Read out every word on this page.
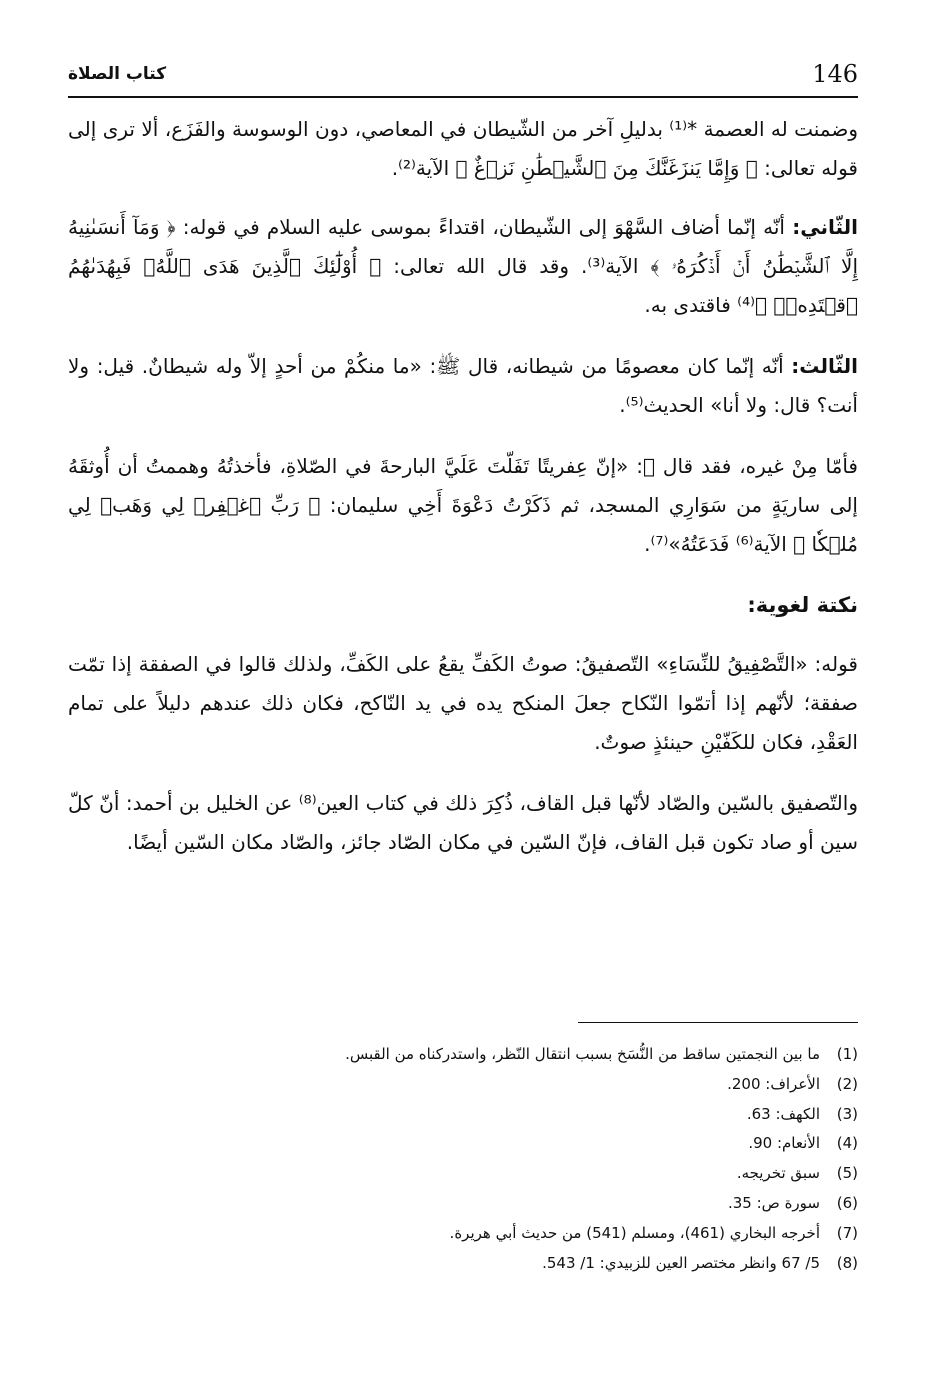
146
كتاب الصلاة

وضمنت له العصمة *⁽¹⁾ بدليلِ آخر من الشّيطان في المعاصي، دون الوسوسة والفَزَع، ألا ترى إلى قوله تعالى: ﴿ وَإِمَّا يَنزَغَنَّكَ مِنَ ٱلشَّيۡطَٰنِ نَزۡغٌ ﴾ الآية⁽²⁾.

الثّاني: أنّه إنّما أضاف السَّهْوَ إلى الشّيطان، اقتداءً بموسى عليه السلام في قوله: ﴿ وَمَآ أَنسَىٰنِيهُ إِلَّا ٱلشَّيۡطَٰنُ أَنۡ أَذۡكُرَهُۥ ﴾ الآية⁽³⁾. وقد قال الله تعالى: ﴿ أُوْلَٰٓئِكَ ٱلَّذِينَ هَدَى ٱللَّهُۖ فَبِهُدَىٰهُمُ ٱقۡتَدِهۡۗ ﴾⁽⁴⁾ فاقتدى به.

الثّالث: أنّه إنّما كان معصومًا من شيطانه، قال ﷺ: «ما منكُمْ من أحدٍ إلاّ وله شيطانٌ. قيل: ولا أنت؟ قال: ولا أنا» الحديث⁽⁵⁾.

فأمّا مِنْ غيره، فقد قال ﷺ: «إنّ عِفريتًا تَفَلّتَ عَلَيَّ البارحةَ في الصّلاةِ، فأخذتُهُ وهممتُ أن أُوثقَهُ إلى ساريَةٍ من سَوَارِي المسجد، ثم ذَكَرْتُ دَعْوَةَ أَخِي سليمان: ﴿ رَبِّ ٱغۡفِرۡ لِي وَهَبۡ لِي مُلۡكٗا ﴾ الآية⁽⁶⁾ فَدَعَتُهُ»⁽⁷⁾.

نكتة لغوية:

قوله: «التَّصْفِيقُ للنِّسَاءِ» التّصفيقُ: صوتُ الكَفِّ يقعُ على الكَفِّ، ولذلك قالوا في الصفقة إذا تمّت صفقة؛ لأنّهم إذا أتمّوا النّكاح جعلَ المنكح يده في يد النّاكح، فكان ذلك عندهم دليلاً على تمام العَقْدِ، فكان للكَفّيْنِ حينئذٍ صوتٌ.

والتّصفيق بالسّين والصّاد لأنّها قبل القاف، ذُكِرَ ذلك في كتاب العين⁽⁸⁾ عن الخليل بن أحمد: أنّ كلّ سين أو صاد تكون قبل القاف، فإنّ السّين في مكان الصّاد جائز، والصّاد مكان السّين أيضًا.

(1)
ما بين النجمتين ساقط من النُّسَخ بسبب انتقال النّظر، واستدركناه من القبس.
(2)
الأعراف: 200.
(3)
الكهف: 63.
(4)
الأنعام: 90.
(5)
سبق تخريجه.
(6)
سورة ص: 35.
(7)
أخرجه البخاري (461)، ومسلم (541) من حديث أبي هريرة.
(8)
5/ 67 وانظر مختصر العين للزبيدي: 1/ 543.
